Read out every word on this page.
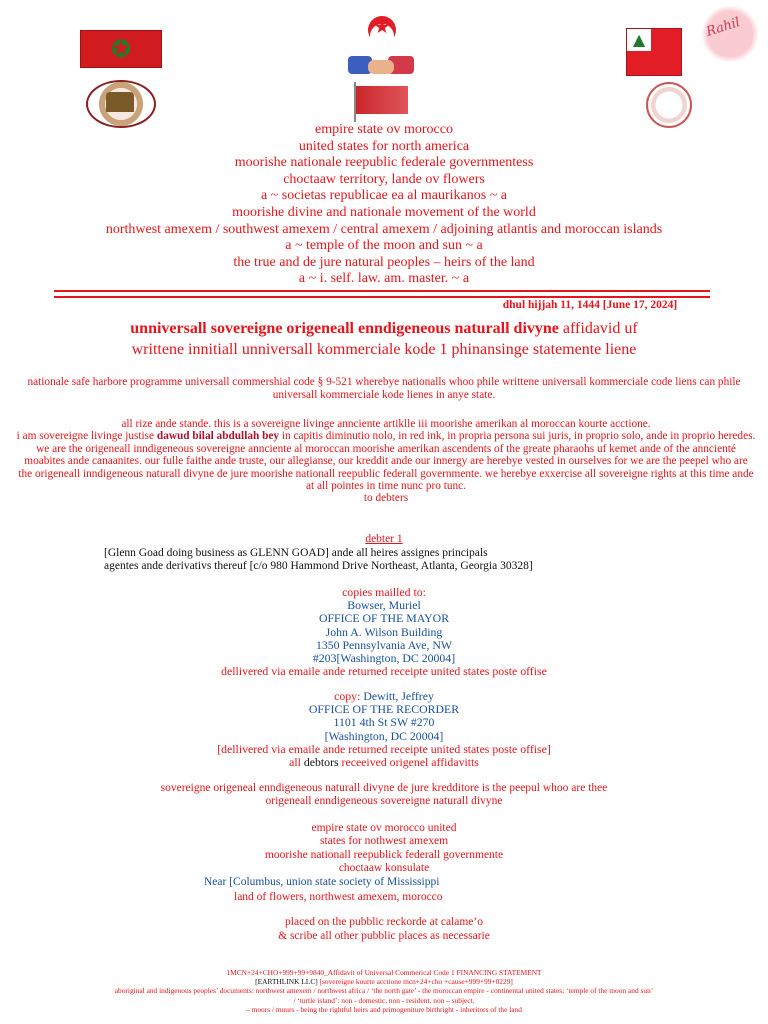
✪	▲	Rahil
empire state ov morocco
united states for north america
moorishe nationale reepublic federale governmentess
choctaaw territory, lande ov flowers
a ~ societas republicae ea al maurikanos ~ a
moorishe divine and nationale movement of the world
northwest amexem / southwest amexem / central amexem / adjoining atlantis and moroccan islands
a ~ temple of the moon and sun ~ a
the true and de jure natural peoples – heirs of the land
a ~ i. self. law. am. master. ~ a
dhul hijjah 11, 1444 [June 17, 2024]
unniversall sovereigne origeneall enndigeneous naturall divyne affidavid uf
writtene innitiall unniversall kommerciale kode 1 phinansinge statemente liene
nationale safe harbore programme universall commershial code § 9-521 wherebye nationalls whoo phile writtene universall kommerciale code liens can phile universall kommerciale kode lienes in anye state.
all rize ande stande. this is a sovereigne livinge annciente artiklle iii moorishe amerikan al moroccan kourte acctione.
i am sovereigne livinge justise dawud bilal abdullah bey in capitis diminutio nolo, in red ink, in propria persona sui juris, in proprio solo, ande in proprio heredes. we are the origeneall inndigeneous sovereigne annciente al moroccan moorishe amerikan ascendents of the greate pharaohs uf kemet ande of the anncienté moabites ande canaanites. our fulle faithe ande truste, our allegianse, our kreddit ande our innergy are herebye vested in ourselves for we are the peepel who are the origeneall inndigeneous naturall divyne de jure moorishe nationall reepublic federall governmente. we herebye exxercise all sovereigne rights at this time ande at all pointes in time nunc pro tunc.
to debters
debter 1
[Glenn Goad doing business as GLENN GOAD] ande all heires assignes principals
agentes ande derivativs thereuf [c/o 980 Hammond Drive Northeast, Atlanta, Georgia 30328]
copies mailled to:
Bowser, Muriel
OFFICE OF THE MAYOR
John A. Wilson Building
1350 Pennsylvania Ave, NW
#203[Washington, DC 20004]
dellivered via emaile ande returned receipte united states poste offise
copy: Dewitt, Jeffrey
OFFICE OF THE RECORDER
1101 4th St SW #270
[Washington, DC 20004]
[dellivered via emaile ande returned receipte united states poste offise]
all debtors receeived origenel affidavitts
sovereigne origeneal enndigeneous naturall divyne de jure kredditore is the peepul whoo are thee
origeneall enndigeneous sovereigne naturall divyne
empire state ov morocco united
states for nothwest amexem
moorishe nationall reepublick federall governmente
choctaaw konsulate
Near [Columbus, union state society of Mississippi
land of flowers, northwest amexem, morocco
placed on the pubblic reckorde at calame’o
& scribe all other pubblic places as necessarie
1MCN+24+CHO+999+99+9840_Affidavit of Universal Commerical Code 1 FINANCING STATEMENT
[EARTHLINK LLC] [sovereigne kourte acctione mcn+24+cho +cause+999+99+0229]
aboriginal and indigenous peoples’ documents: northwest amexem / northwest africa / ‘the north gate’ - the moroccan empire - continental united states; ‘temple of the moon and sun’
/ ‘turtle island’: non - domestic, non - resident, non – subject.
– moors / muurs - being the rightful heirs and primogeniture birthright - inheritors of the land
